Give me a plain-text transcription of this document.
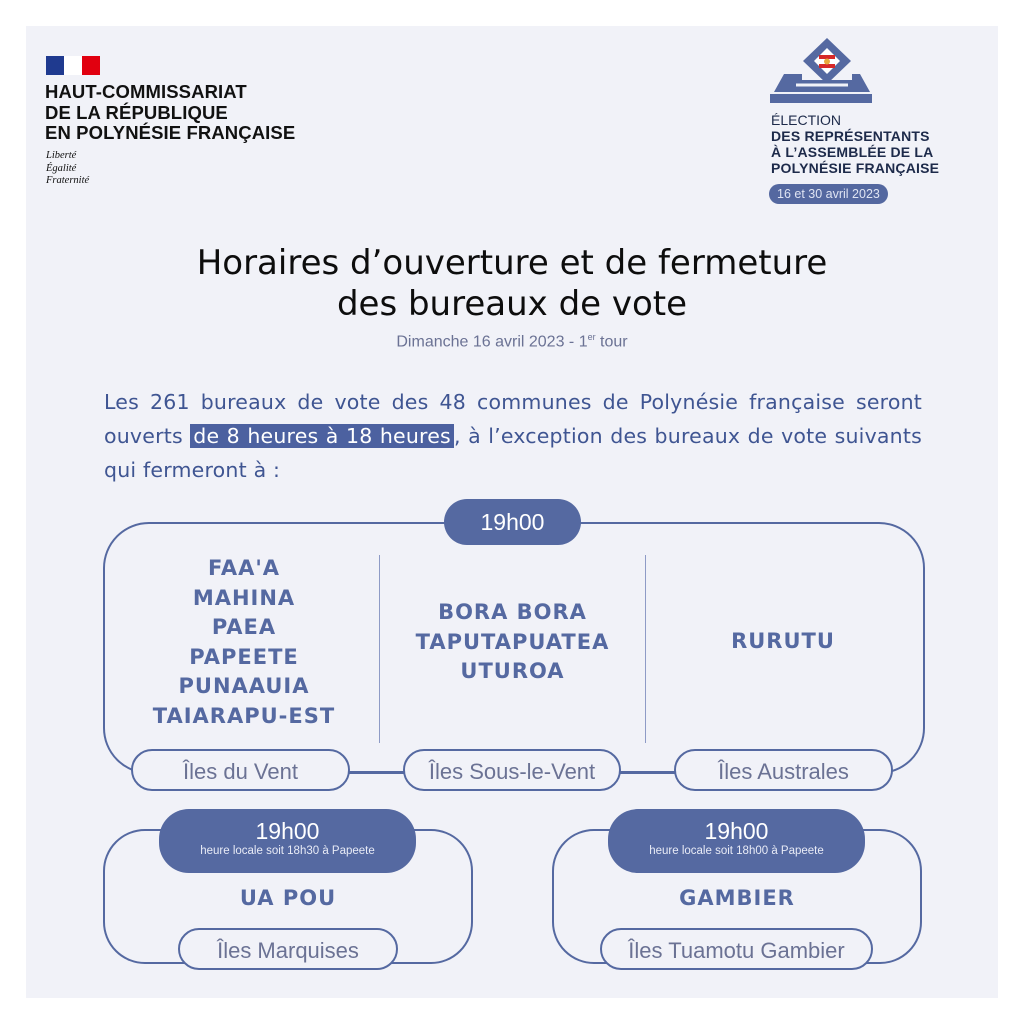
HAUT-COMMISSARIAT
DE LA RÉPUBLIQUE
EN POLYNÉSIE FRANÇAISE
Liberté
Égalité
Fraternité
ÉLECTION
DES REPRÉSENTANTS
À L’ASSEMBLÉE DE LA
POLYNÉSIE FRANÇAISE
16 et 30 avril 2023
Horaires d’ouverture et de fermeture
des bureaux de vote
Dimanche 16 avril 2023 - 1er tour
Les 261 bureaux de vote des 48 communes de Polynésie française seront ouverts de 8 heures à 18 heures , à l’exception des bureaux de vote suivants qui fermeront à :
19h00
FAA'A
MAHINA
PAEA
PAPEETE
PUNAAUIA
TAIARAPU-EST
BORA BORA
TAPUTAPUATEA
UTUROA
RURUTU
Îles du Vent	Îles Sous-le-Vent	Îles Australes
19h00
heure locale soit 18h30 à Papeete
UA POU
Îles Marquises
19h00
heure locale soit 18h00 à Papeete
GAMBIER
Îles Tuamotu Gambier
